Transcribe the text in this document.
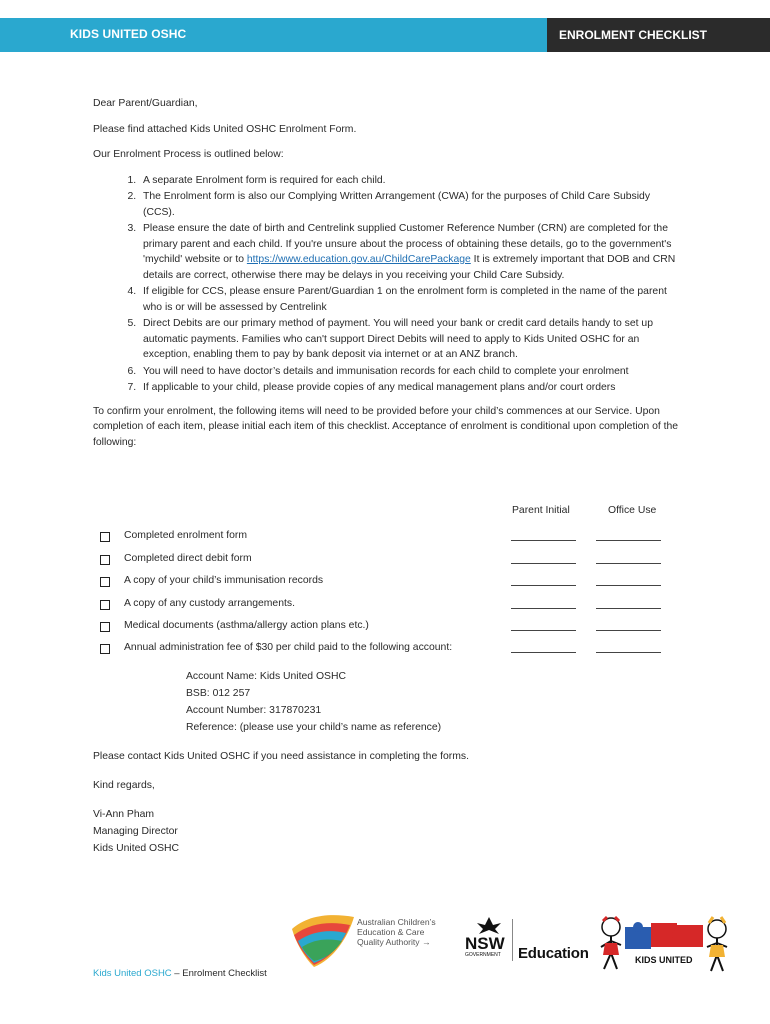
KIDS UNITED OSHC	ENROLMENT CHECKLIST

Dear Parent/Guardian,

Please find attached Kids United OSHC Enrolment Form.

Our Enrolment Process is outlined below:

1. A separate Enrolment form is required for each child.
2. The Enrolment form is also our Complying Written Arrangement (CWA) for the purposes of Child Care Subsidy (CCS).
3. Please ensure the date of birth and Centrelink supplied Customer Reference Number (CRN) are completed for the primary parent and each child. If you're unsure about the process of obtaining these details, go to the government's 'mychild' website or to https://www.education.gov.au/ChildCarePackage It is extremely important that DOB and CRN details are correct, otherwise there may be delays in you receiving your Child Care Subsidy.
4. If eligible for CCS, please ensure Parent/Guardian 1 on the enrolment form is completed in the name of the parent who is or will be assessed by Centrelink
5. Direct Debits are our primary method of payment. You will need your bank or credit card details handy to set up automatic payments. Families who can't support Direct Debits will need to apply to Kids United OSHC for an exception, enabling them to pay by bank deposit via internet or at an ANZ branch.
6. You will need to have doctor’s details and immunisation records for each child to complete your enrolment
7. If applicable to your child, please provide copies of any medical management plans and/or court orders

To confirm your enrolment, the following items will need to be provided before your child’s commences at our Service. Upon completion of each item, please initial each item of this checklist. Acceptance of enrolment is conditional upon completion of the following:

Parent Initial	Office Use
Completed enrolment form
Completed direct debit form
A copy of your child’s immunisation records
A copy of any custody arrangements.
Medical documents (asthma/allergy action plans etc.)
Annual administration fee of $30 per child paid to the following account:
Account Name: Kids United OSHC
BSB: 012 257
Account Number: 317870231
Reference: (please use your child’s name as reference)
Please contact Kids United OSHC if you need assistance in completing the forms.
Kind regards,
Vi-Ann Pham
Managing Director
Kids United OSHC
Australian Children’s
Education & Care
Quality Authority →	NSW
GOVERNMENT	Education	KIDS UNITED
Kids United OSHC – Enrolment Checklist
